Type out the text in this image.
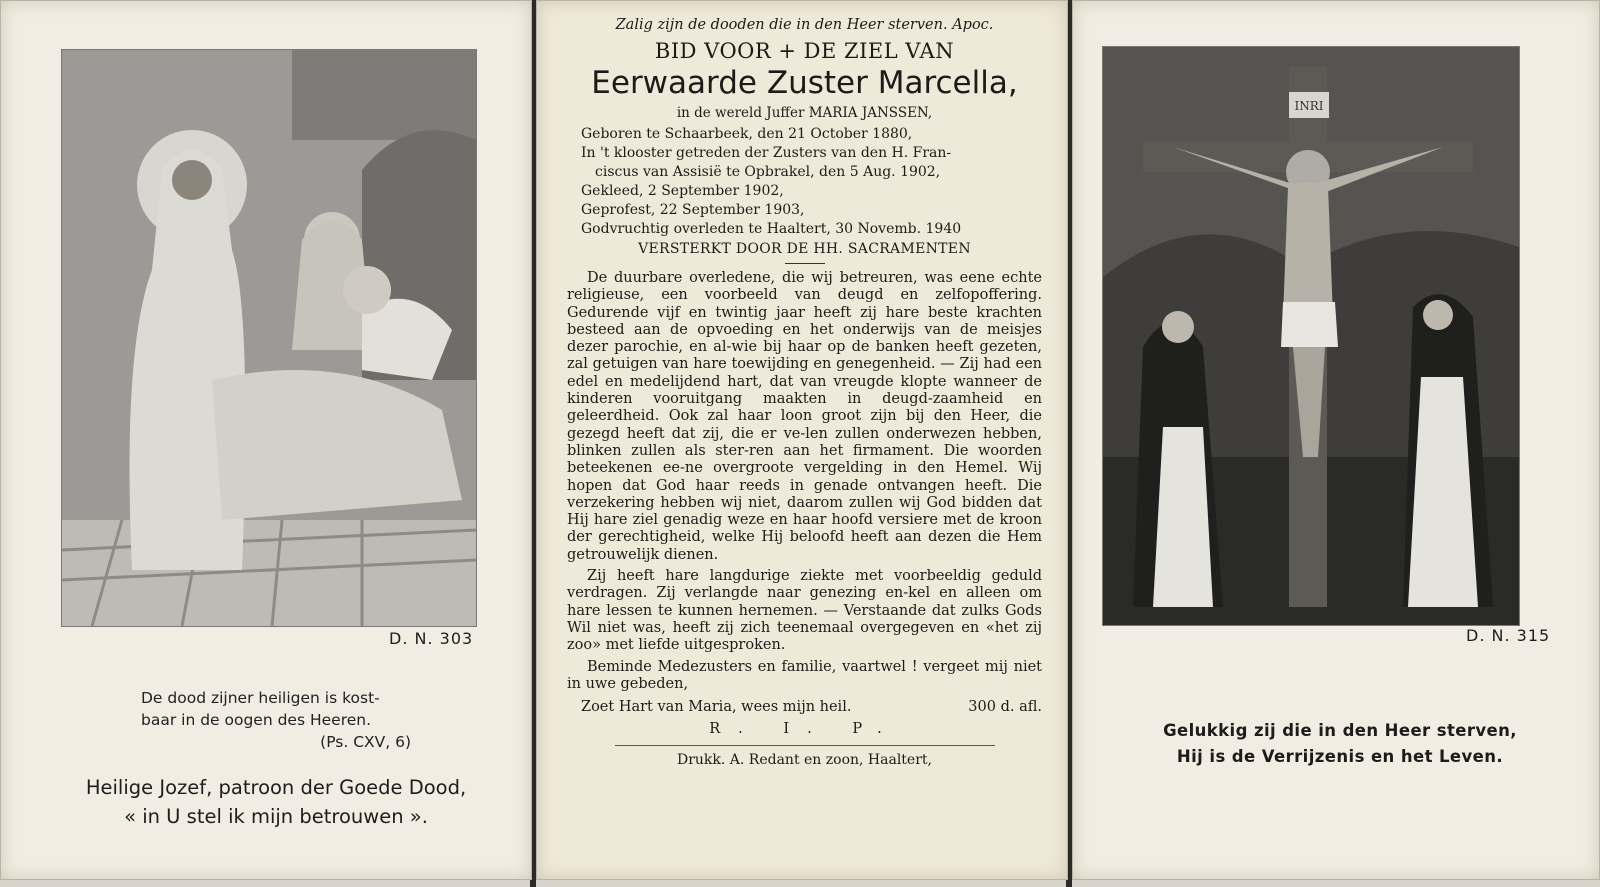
D. N. 303
De dood zijner heiligen is kost-
baar in de oogen des Heeren.
(Ps. CXV, 6)
Heilige Jozef, patroon der Goede Dood,
« in U stel ik mijn betrouwen ».
Zalig zijn de dooden die in den Heer sterven. Apoc.
BID VOOR + DE ZIEL VAN
Eerwaarde Zuster Marcella,
in de wereld Juffer MARIA JANSSEN,
Geboren te Schaarbeek, den 21 October 1880,
In 't klooster getreden der Zusters van den H. Fran-
ciscus van Assisië te Opbrakel, den 5 Aug. 1902,
Gekleed, 2 September 1902,
Geprofest, 22 September 1903,
Godvruchtig overleden te Haaltert, 30 Novemb. 1940
VERSTERKT DOOR DE HH. SACRAMENTEN

De duurbare overledene, die wij betreuren, was eene echte religieuse, een voorbeeld van deugd en zelfopoffering. Gedurende vijf en twintig jaar heeft zij hare beste krachten besteed aan de opvoeding en het onderwijs van de meisjes dezer parochie, en al-wie bij haar op de banken heeft gezeten, zal getuigen van hare toewijding en genegenheid. — Zij had een edel en medelijdend hart, dat van vreugde klopte wanneer de kinderen vooruitgang maakten in deugd-zaamheid en geleerdheid. Ook zal haar loon groot zijn bij den Heer, die gezegd heeft dat zij, die er ve-len zullen onderwezen hebben, blinken zullen als ster-ren aan het firmament. Die woorden beteekenen ee-ne overgroote vergelding in den Hemel. Wij hopen dat God haar reeds in genade ontvangen heeft. Die verzekering hebben wij niet, daarom zullen wij God bidden dat Hij hare ziel genadig weze en haar hoofd versiere met de kroon der gerechtigheid, welke Hij beloofd heeft aan dezen die Hem getrouwelijk dienen.

Zij heeft hare langdurige ziekte met voorbeeldig geduld verdragen. Zij verlangde naar genezing en-kel en alleen om hare lessen te kunnen hernemen. — Verstaande dat zulks Gods Wil niet was, heeft zij zich teenemaal overgegeven en «het zij zoo» met liefde uitgesproken.

Beminde Medezusters en familie, vaartwel ! vergeet mij niet in uwe gebeden,

Zoet Hart van Maria, wees mijn heil.	300 d. afl.
R. I. P.
Drukk. A. Redant en zoon, Haaltert,
INRI
D. N. 315
Gelukkig zij die in den Heer sterven,
Hij is de Verrijzenis en het Leven.
